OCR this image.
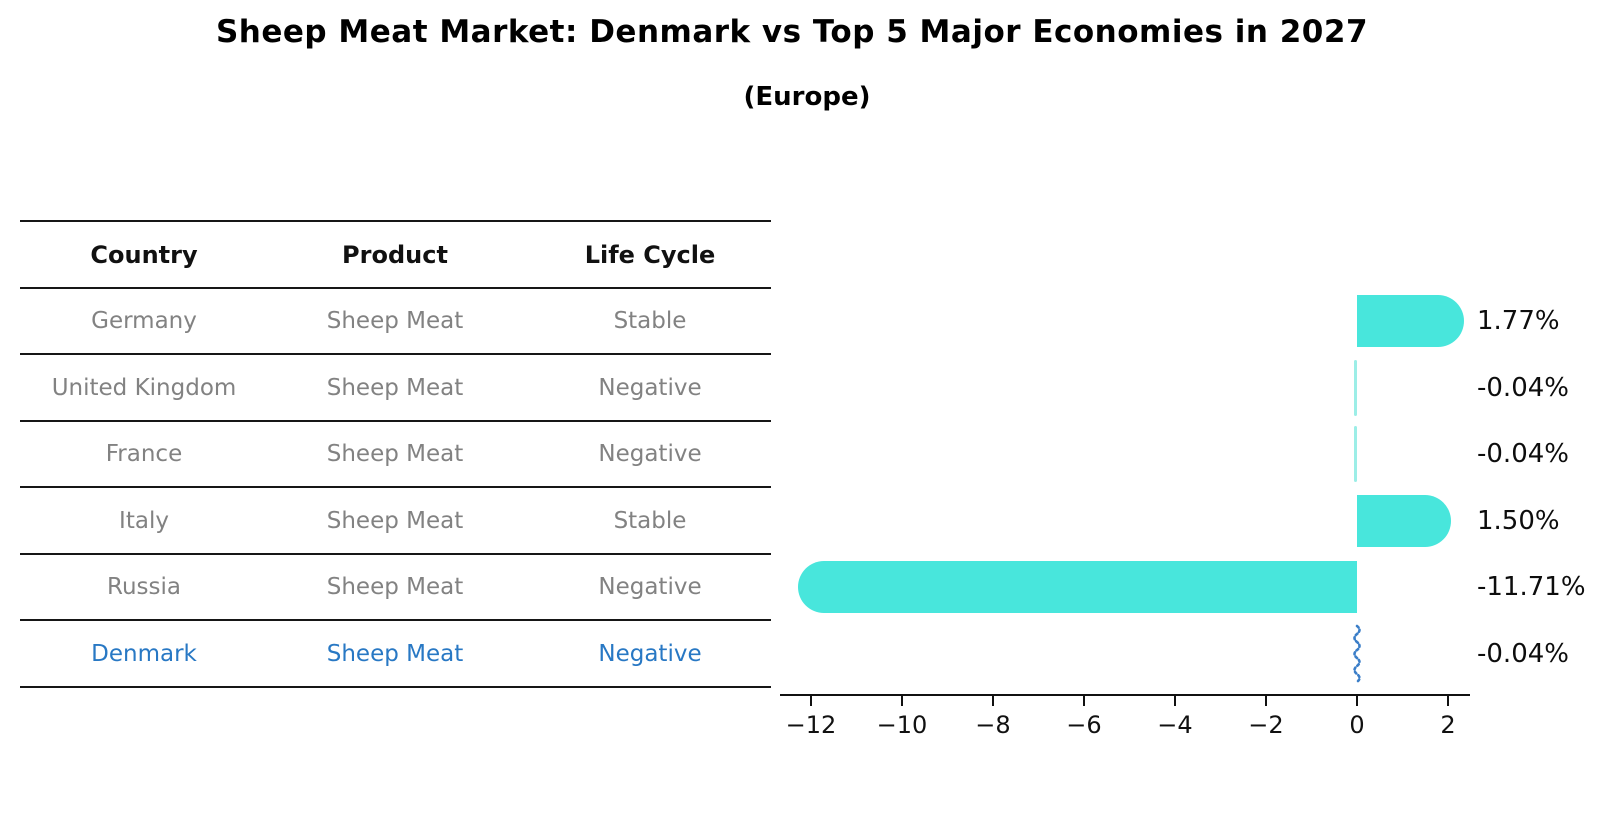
Sheep Meat Market: Denmark vs Top 5 Major Economies in 2027
(Europe)
Country	Product	Life Cycle
Germany	Sheep Meat	Stable
United Kingdom	Sheep Meat	Negative
France	Sheep Meat	Negative
Italy	Sheep Meat	Stable
Russia	Sheep Meat	Negative
Denmark	Sheep Meat	Negative
1.77%
-0.04%
-0.04%
1.50%
-11.71%
-0.04%
−12	−10	−8	−6	−4	−2	0	2
